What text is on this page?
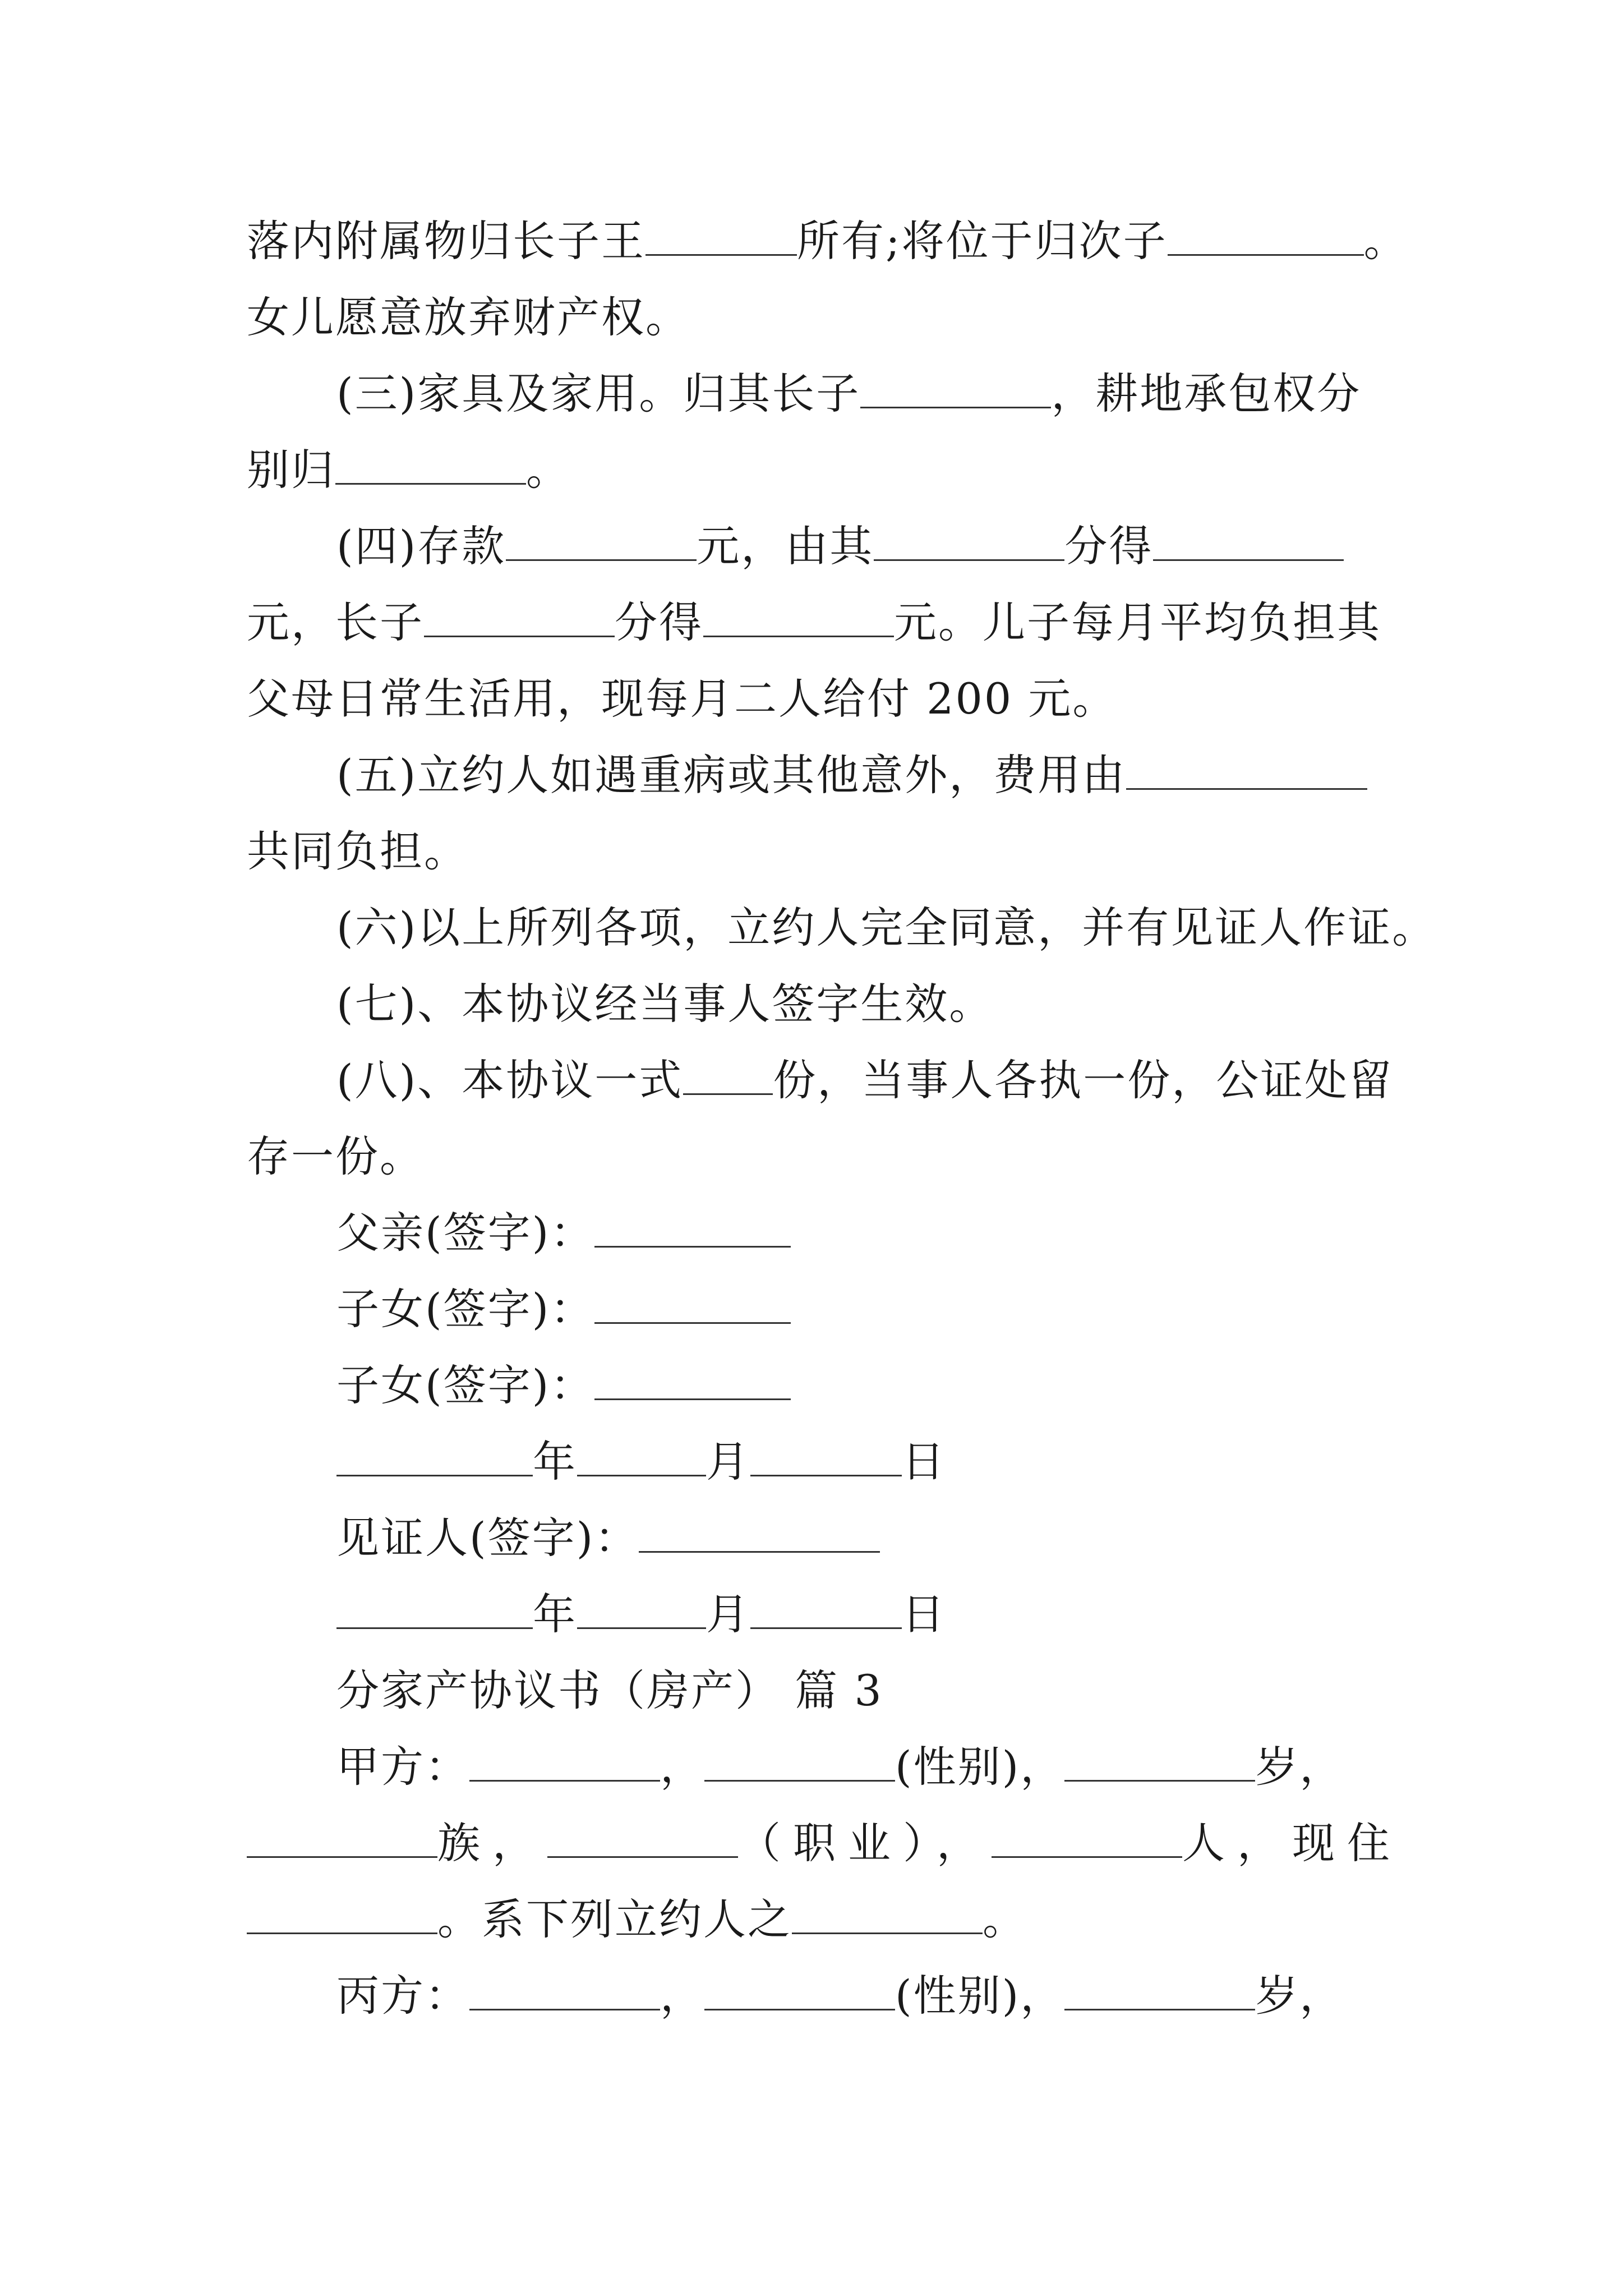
落内附属物归长子王	所有;将位于归次子	。
女儿愿意放弃财产权。
(三)家具及家用。归其长子	，耕地承包权分
别归	。
(四)存款	元，由其	分得
元，长子	分得	元。儿子每月平均负担其
父母日常生活用，现每月二人给付 200 元。
(五)立约人如遇重病或其他意外，费用由
共同负担。
(六)以上所列各项，立约人完全同意，并有见证人作证。
(七)、本协议经当事人签字生效。
(八)、本协议一式 份，当事人各执一份，公证处留
存一份。
父亲(签字)：
子女(签字)：
子女(签字)：
年	月	日
见证人(签字)：
年	月	日
分家产协议书（房产） 篇 3
甲方：	，	(性别)，	岁，
族，	（职业），	人，现住
。系下列立约人之	。
丙方：	，	(性别)，	岁，
